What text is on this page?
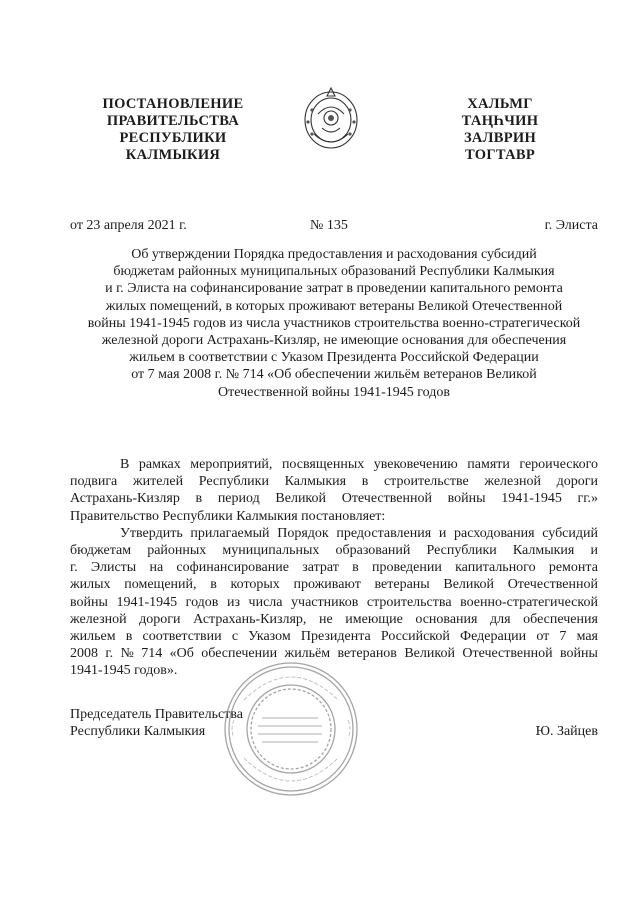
ПОСТАНОВЛЕНИЕ
ПРАВИТЕЛЬСТВА
РЕСПУБЛИКИ
КАЛМЫКИЯ
ХАЛЬМГ
ТАҢҺЧИН
ЗАЛВРИН
ТОГТАВР
от 23 апреля 2021 г.	№ 135	г. Элиста
Об утверждении Порядка предоставления и расходования субсидий
бюджетам районных муниципальных образований Республики Калмыкия
и г. Элиста на софинансирование затрат в проведении капитального ремонта
жилых помещений, в которых проживают ветераны Великой Отечественной
войны 1941-1945 годов из числа участников строительства военно-стратегической
железной дороги Астрахань-Кизляр, не имеющие основания для обеспечения
жильем в соответствии с Указом Президента Российской Федерации
от 7 мая 2008 г. № 714 «Об обеспечении жильём ветеранов Великой
Отечественной войны 1941-1945 годов
В рамках мероприятий, посвященных увековечению памяти героического
подвига жителей Республики Калмыкия в строительстве железной дороги
Астрахань-Кизляр в период Великой Отечественной войны 1941-1945 гг.»
Правительство Республики Калмыкия постановляет:
Утвердить прилагаемый Порядок предоставления и расходования субсидий
бюджетам районных муниципальных образований Республики Калмыкия и
г. Элисты на софинансирование затрат в проведении капитального ремонта
жилых помещений, в которых проживают ветераны Великой Отечественной
войны 1941-1945 годов из числа участников строительства военно-стратегической
железной дороги Астрахань-Кизляр, не имеющие основания для обеспечения
жильем в соответствии с Указом Президента Российской Федерации от 7 мая
2008 г. № 714 «Об обеспечении жильём ветеранов Великой Отечественной войны
1941-1945 годов».
Председатель Правительства
Республики Калмыкия	Ю. Зайцев
